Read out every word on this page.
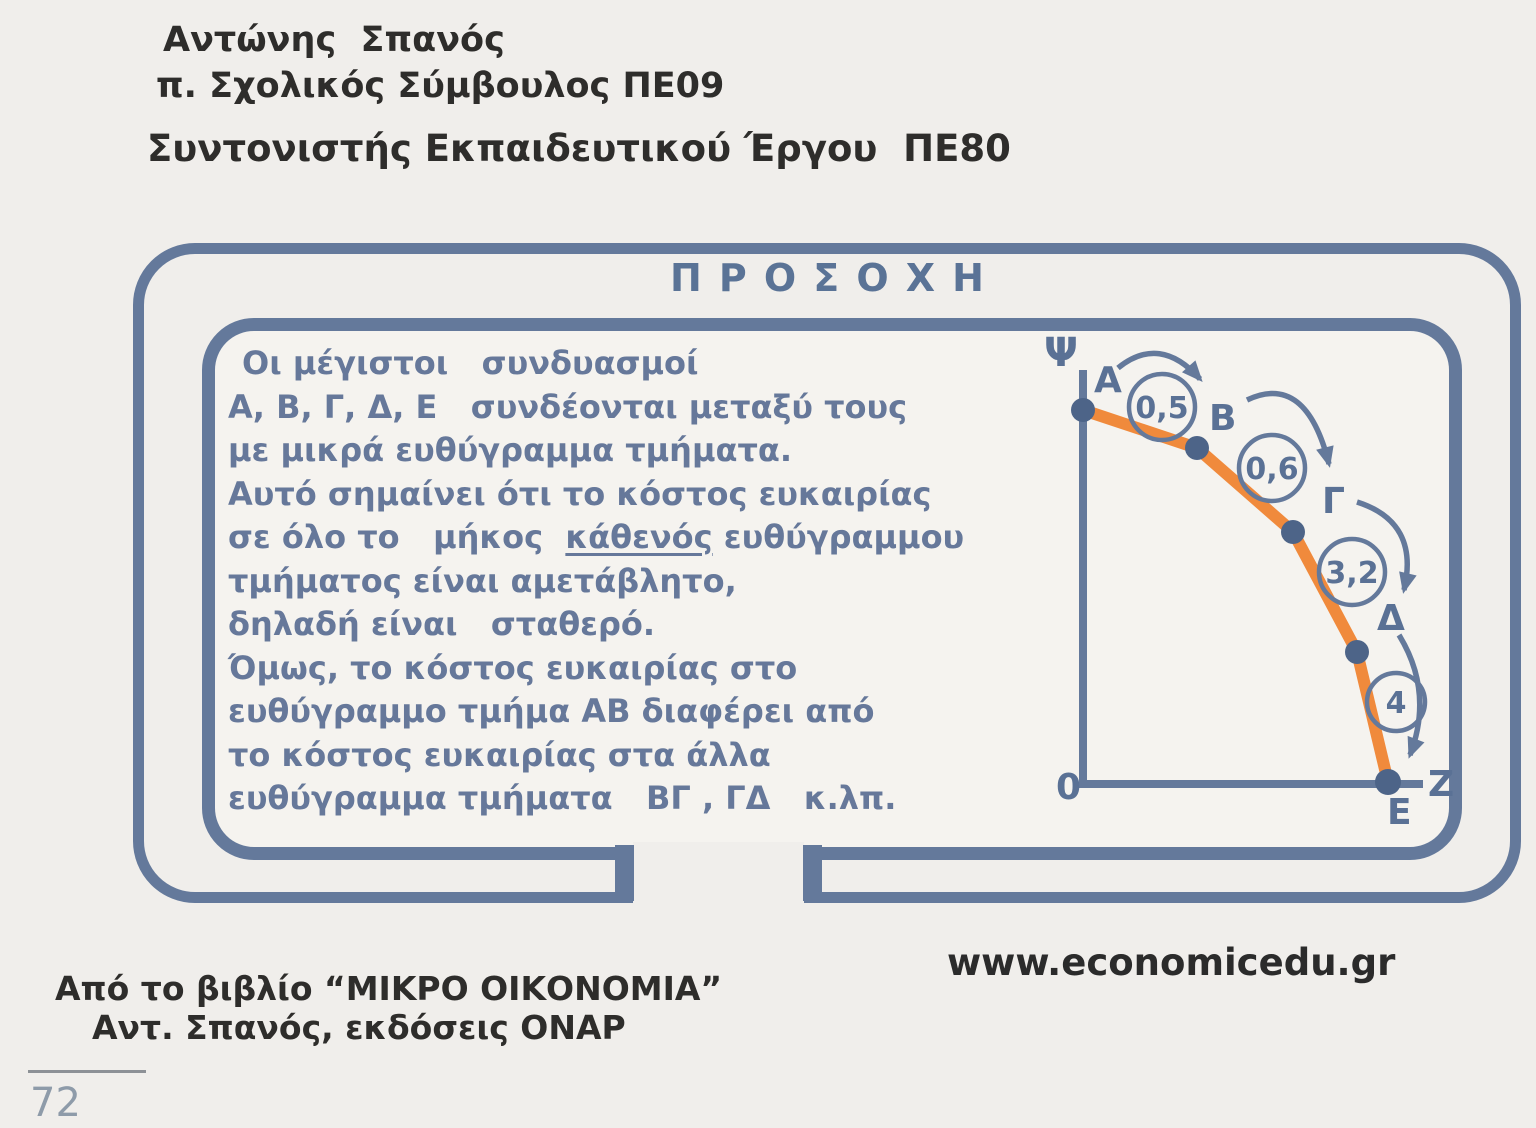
Αντώνης  Σπανός
π. Σχολικός Σύμβουλος ΠΕ09
Συντονιστής Εκπαιδευτικού Έργου  ΠΕ80
ΠΡΟΣΟΧΗ
Οι μέγιστοι   συνδυασμοί
Α, Β, Γ, Δ, Ε   συνδέονται μεταξύ τους
με μικρά ευθύγραμμα τμήματα.
Αυτό σημαίνει ότι το κόστος ευκαιρίας
σε όλο το   μήκος  κάθενός ευθύγραμμου
τμήματος είναι αμετάβλητο,
δηλαδή είναι   σταθερό.
Όμως, το κόστος ευκαιρίας στο
ευθύγραμμο τμήμα ΑΒ διαφέρει από
το κόστος ευκαιρίας στα άλλα
ευθύγραμμα τμήματα   ΒΓ , ΓΔ   κ.λπ.
0,5
0,6
3,2
4
Ψ
Α
Β
Γ
Δ
Ε
Ζ
0
www.economicedu.gr
Από το βιβλίο “ΜΙΚΡΟ ΟΙΚΟΝΟΜΙΑ”
Αντ. Σπανός, εκδόσεις ΟΝΑΡ
72
